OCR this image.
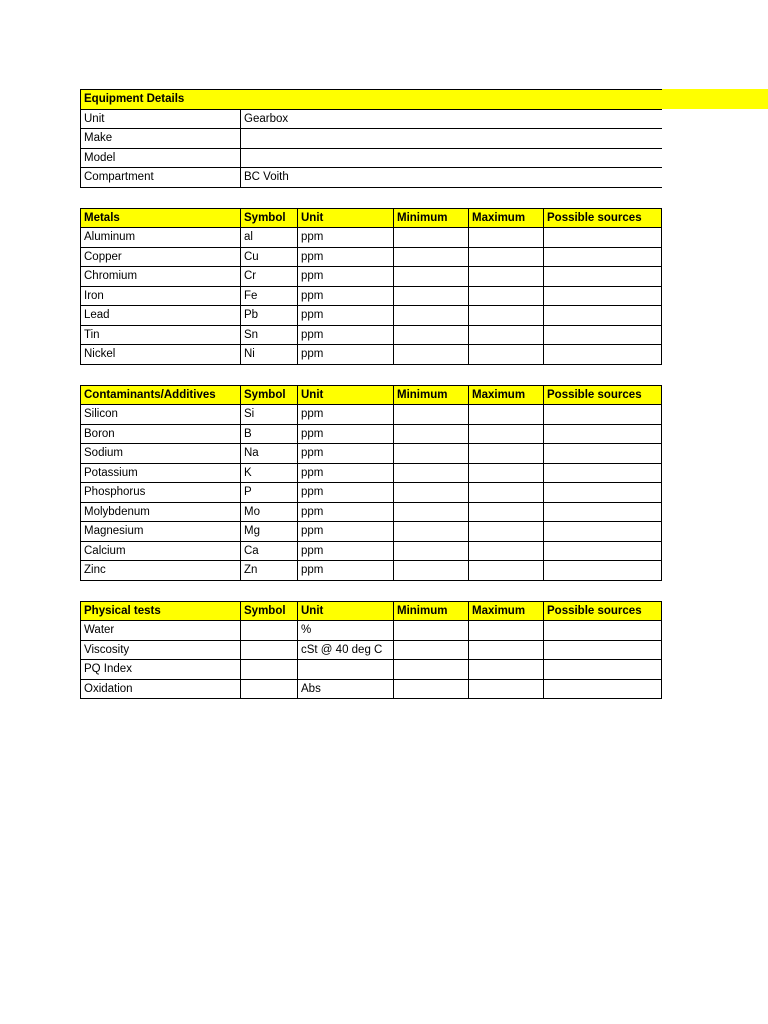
Equipment Details	
Unit	Gearbox
Make	
Model	
Compartment	BC Voith
Metals	Symbol	Unit	Minimum	Maximum	Possible sources
Aluminum	al	ppm			
Copper	Cu	ppm			
Chromium	Cr	ppm			
Iron	Fe	ppm			
Lead	Pb	ppm			
Tin	Sn	ppm			
Nickel	Ni	ppm			
Contaminants/Additives	Symbol	Unit	Minimum	Maximum	Possible sources
Silicon	Si	ppm			
Boron	B	ppm			
Sodium	Na	ppm			
Potassium	K	ppm			
Phosphorus	P	ppm			
Molybdenum	Mo	ppm			
Magnesium	Mg	ppm			
Calcium	Ca	ppm			
Zinc	Zn	ppm			
Physical tests	Symbol	Unit	Minimum	Maximum	Possible sources
Water		%			
Viscosity		cSt @ 40 deg C			
PQ Index					
Oxidation		Abs			
